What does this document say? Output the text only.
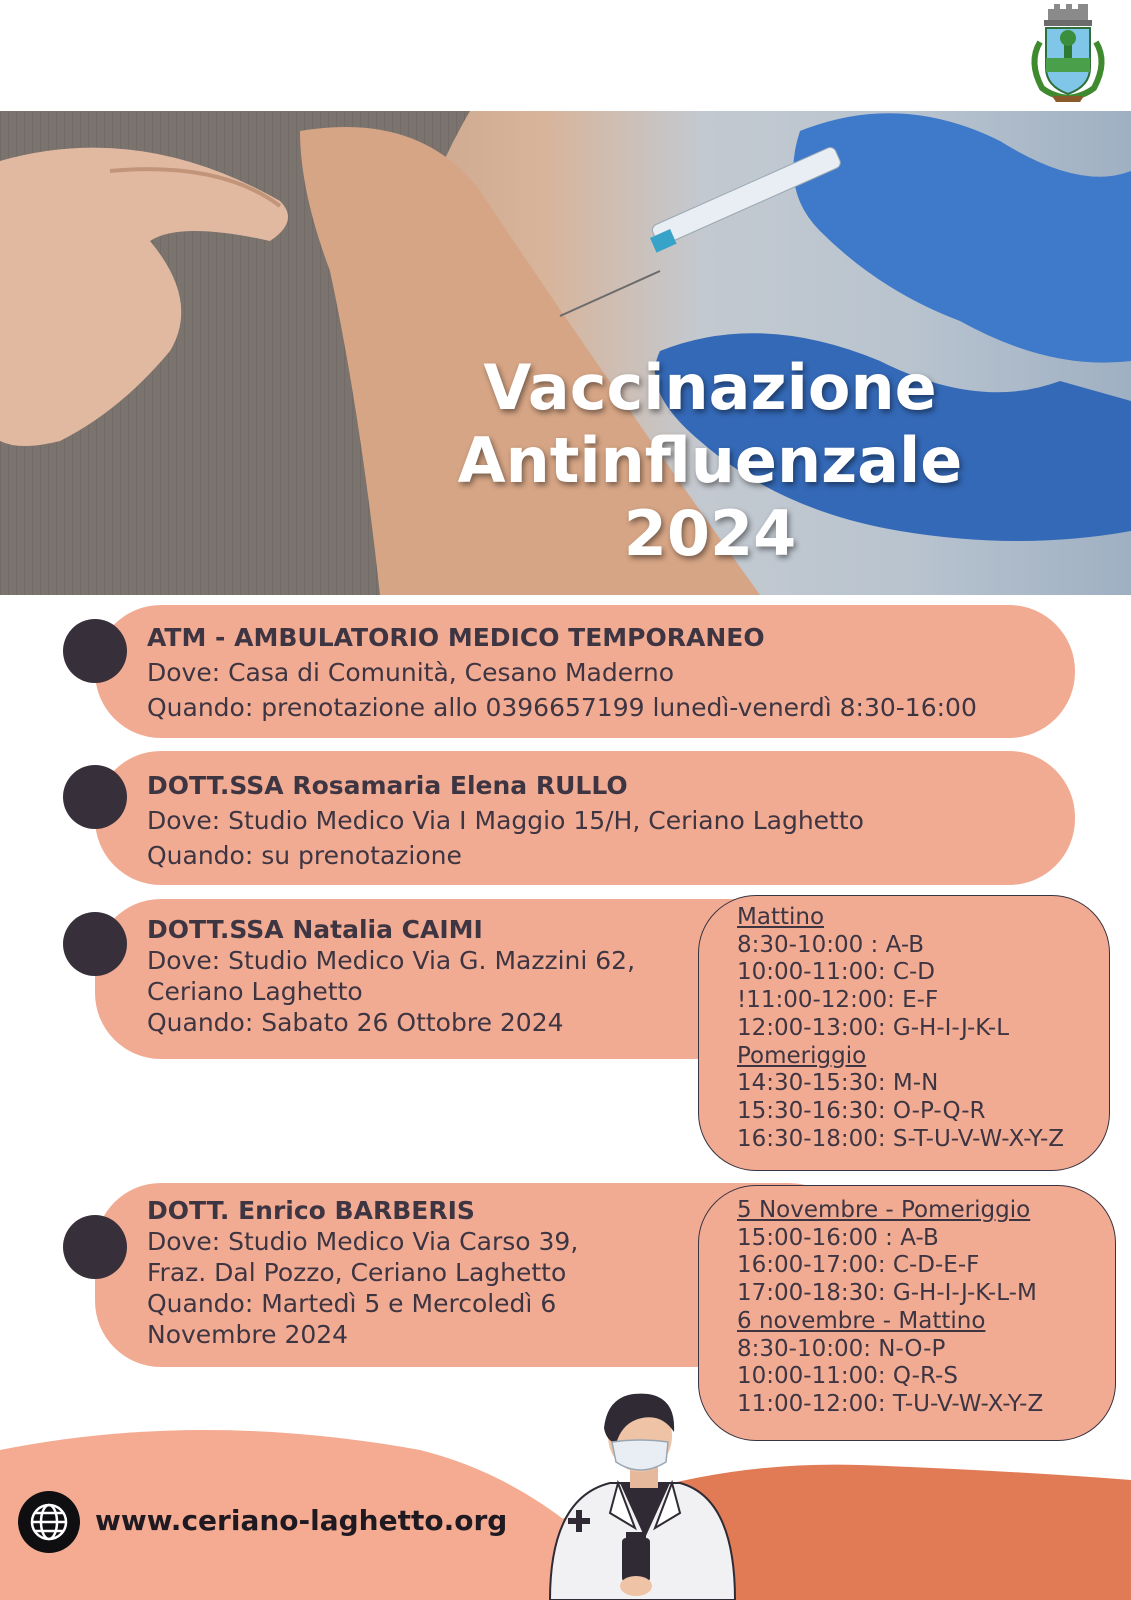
Vaccinazione
Antinfluenzale
2024
ATM - AMBULATORIO MEDICO TEMPORANEO
Dove: Casa di Comunità, Cesano Maderno
Quando: prenotazione allo 0396657199 lunedì-venerdì 8:30-16:00
DOTT.SSA Rosamaria Elena RULLO
Dove: Studio Medico Via I Maggio 15/H, Ceriano Laghetto
Quando: su prenotazione
DOTT.SSA Natalia CAIMI
Dove: Studio Medico Via G. Mazzini 62,
Ceriano Laghetto
Quando: Sabato 26 Ottobre 2024
Mattino
8:30-10:00 : A-B
10:00-11:00: C-D
!11:00-12:00: E-F
12:00-13:00: G-H-I-J-K-L
Pomeriggio
14:30-15:30: M-N
15:30-16:30: O-P-Q-R
16:30-18:00: S-T-U-V-W-X-Y-Z
DOTT. Enrico BARBERIS
Dove: Studio Medico Via Carso 39,
Fraz. Dal Pozzo, Ceriano Laghetto
Quando: Martedì 5 e Mercoledì 6
Novembre 2024
5 Novembre - Pomeriggio
15:00-16:00 : A-B
16:00-17:00: C-D-E-F
17:00-18:30: G-H-I-J-K-L-M
6 novembre - Mattino
8:30-10:00: N-O-P
10:00-11:00: Q-R-S
11:00-12:00: T-U-V-W-X-Y-Z
www.ceriano-laghetto.org
